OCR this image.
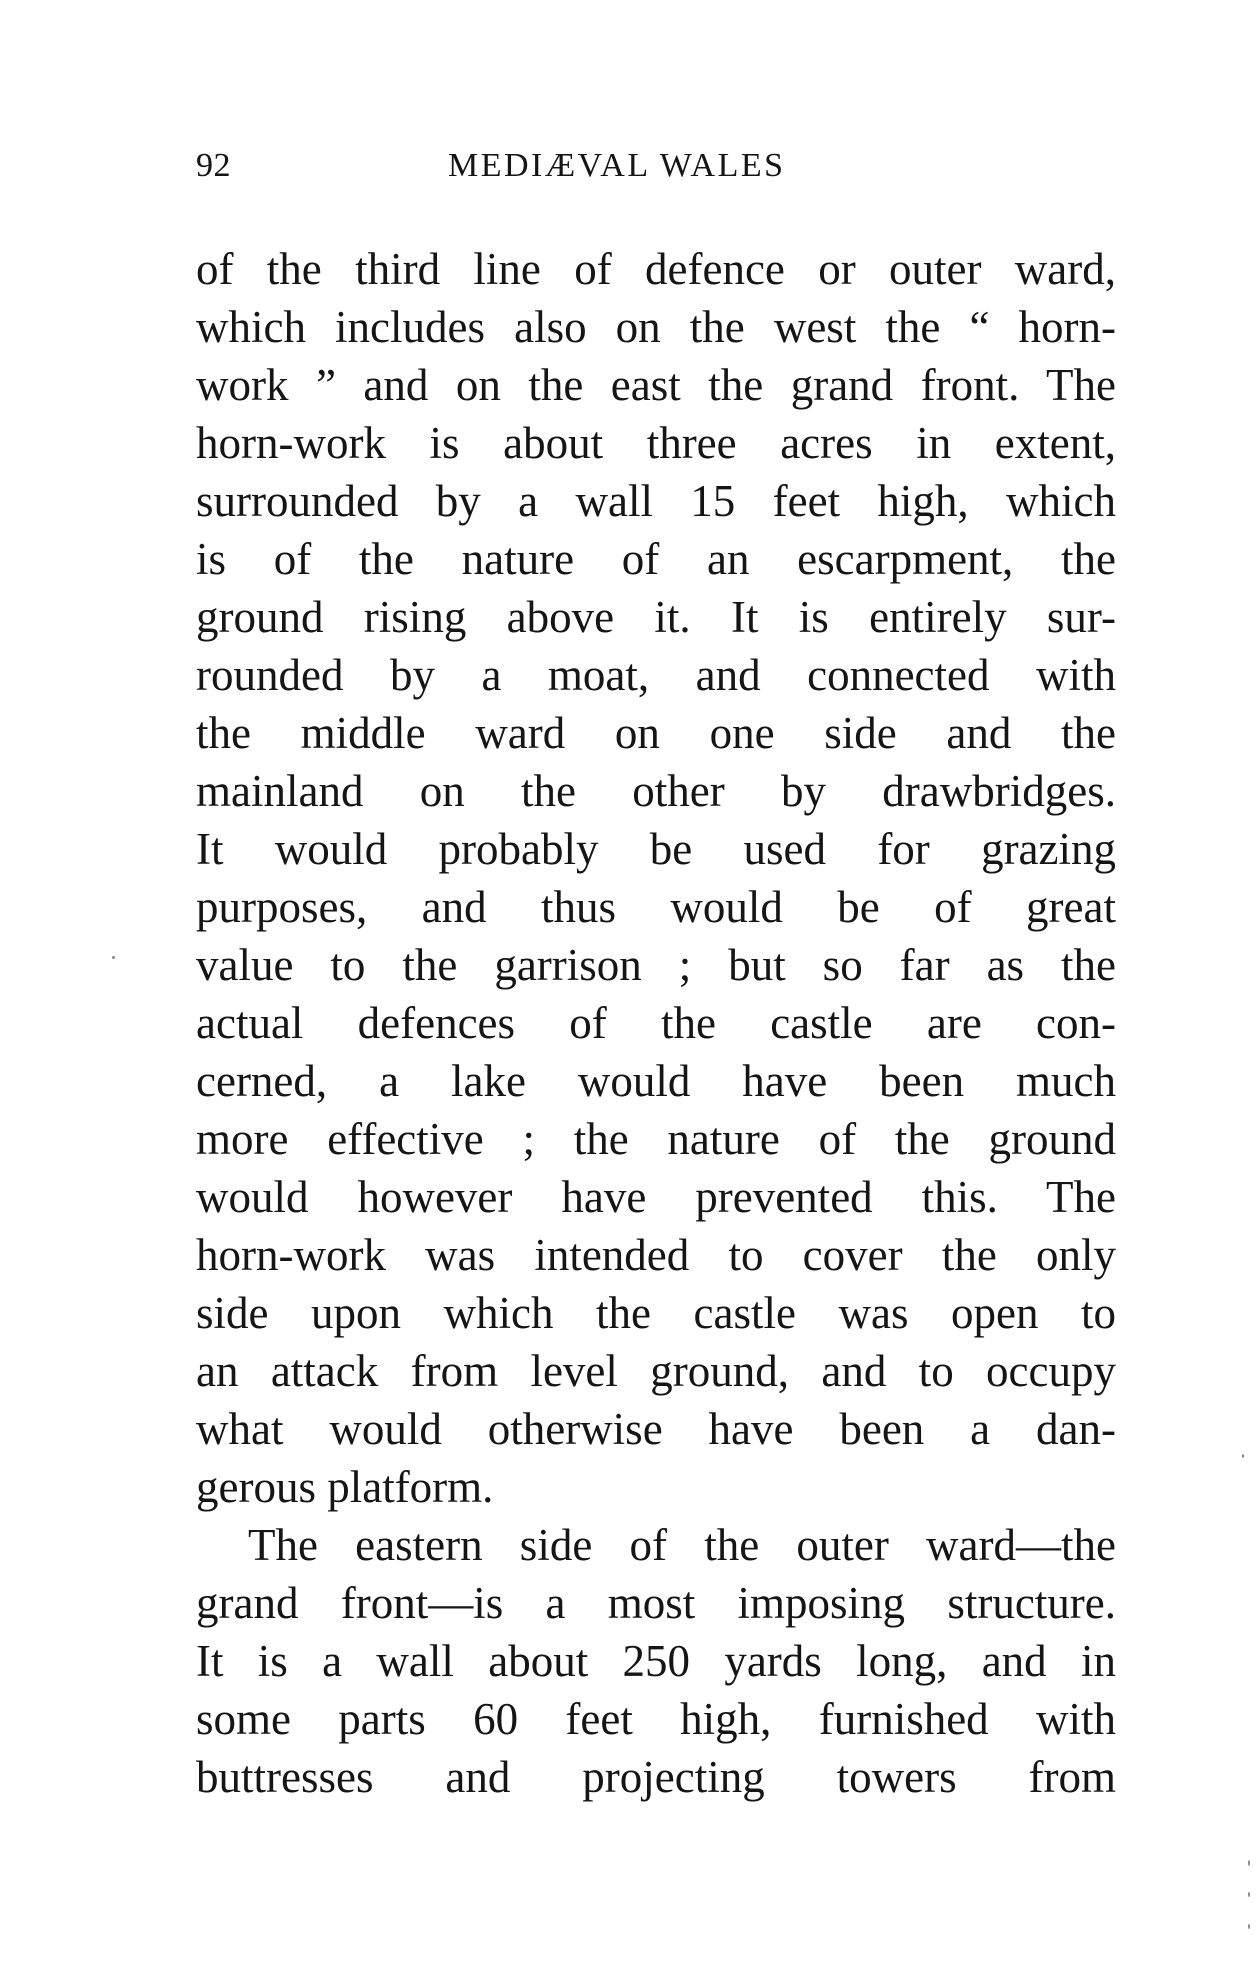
92	MEDIÆVAL WALES
of the third line of defence or outer ward,
which includes also on the west the “ horn-
work ” and on the east the grand front. The
horn-work is about three acres in extent,
surrounded by a wall 15 feet high, which
is of the nature of an escarpment, the
ground rising above it. It is entirely sur-
rounded by a moat, and connected with
the middle ward on one side and the
mainland on the other by drawbridges.
It would probably be used for grazing
purposes, and thus would be of great
value to the garrison ; but so far as the
actual defences of the castle are con-
cerned, a lake would have been much
more effective ; the nature of the ground
would however have prevented this. The
horn-work was intended to cover the only
side upon which the castle was open to
an attack from level ground, and to occupy
what would otherwise have been a dan-
gerous platform.
The eastern side of the outer ward—the
grand front—is a most imposing structure.
It is a wall about 250 yards long, and in
some parts 60 feet high, furnished with
buttresses and projecting towers from
